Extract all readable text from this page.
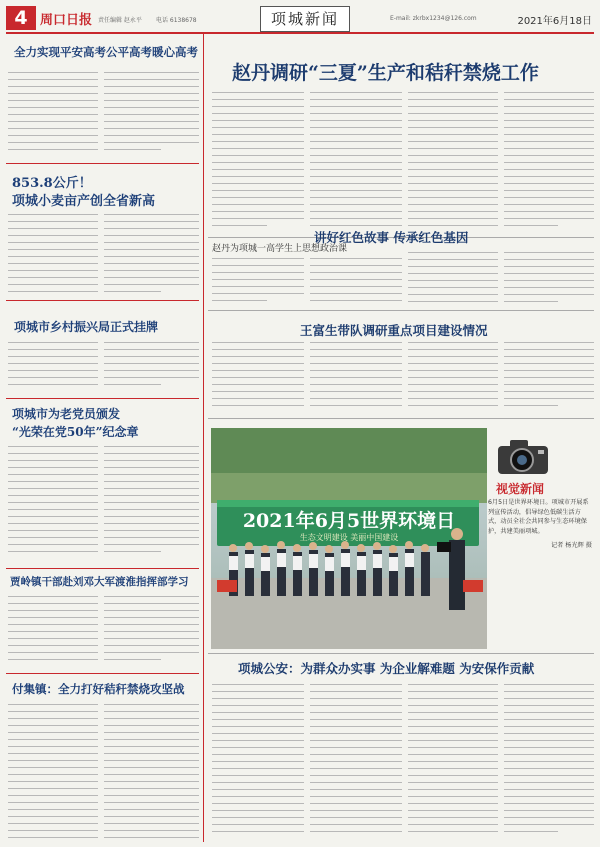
4 周口日报 责任编辑 赵永平 电话 6138678	项城新闻	E-mail: zkrbx1234@126.com	2021年6月18日
全力实现平安高考公平高考暖心高考
853.8公斤！
项城小麦亩产创全省新高
项城市乡村振兴局正式挂牌
项城市为老党员颁发
“光荣在党50年”纪念章
贾岭镇干部赴刘邓大军渡淮指挥部学习
付集镇：全力打好秸秆禁烧攻坚战
赵丹调研“三夏”生产和秸秆禁烧工作
赵丹为项城一高学生上思想政治课
讲好红色故事 传承红色基因
王富生带队调研重点项目建设情况
2021年6月5世界环境日
生态文明建设 美丽中国建设
视觉新闻
6月5日是世界环境日。项城市开展系列宣传活动，倡导绿色低碳生活方式，动员全社会共同参与生态环境保护，共建美丽项城。
记者 杨光辉 摄
项城公安：为群众办实事 为企业解难题 为安保作贡献
